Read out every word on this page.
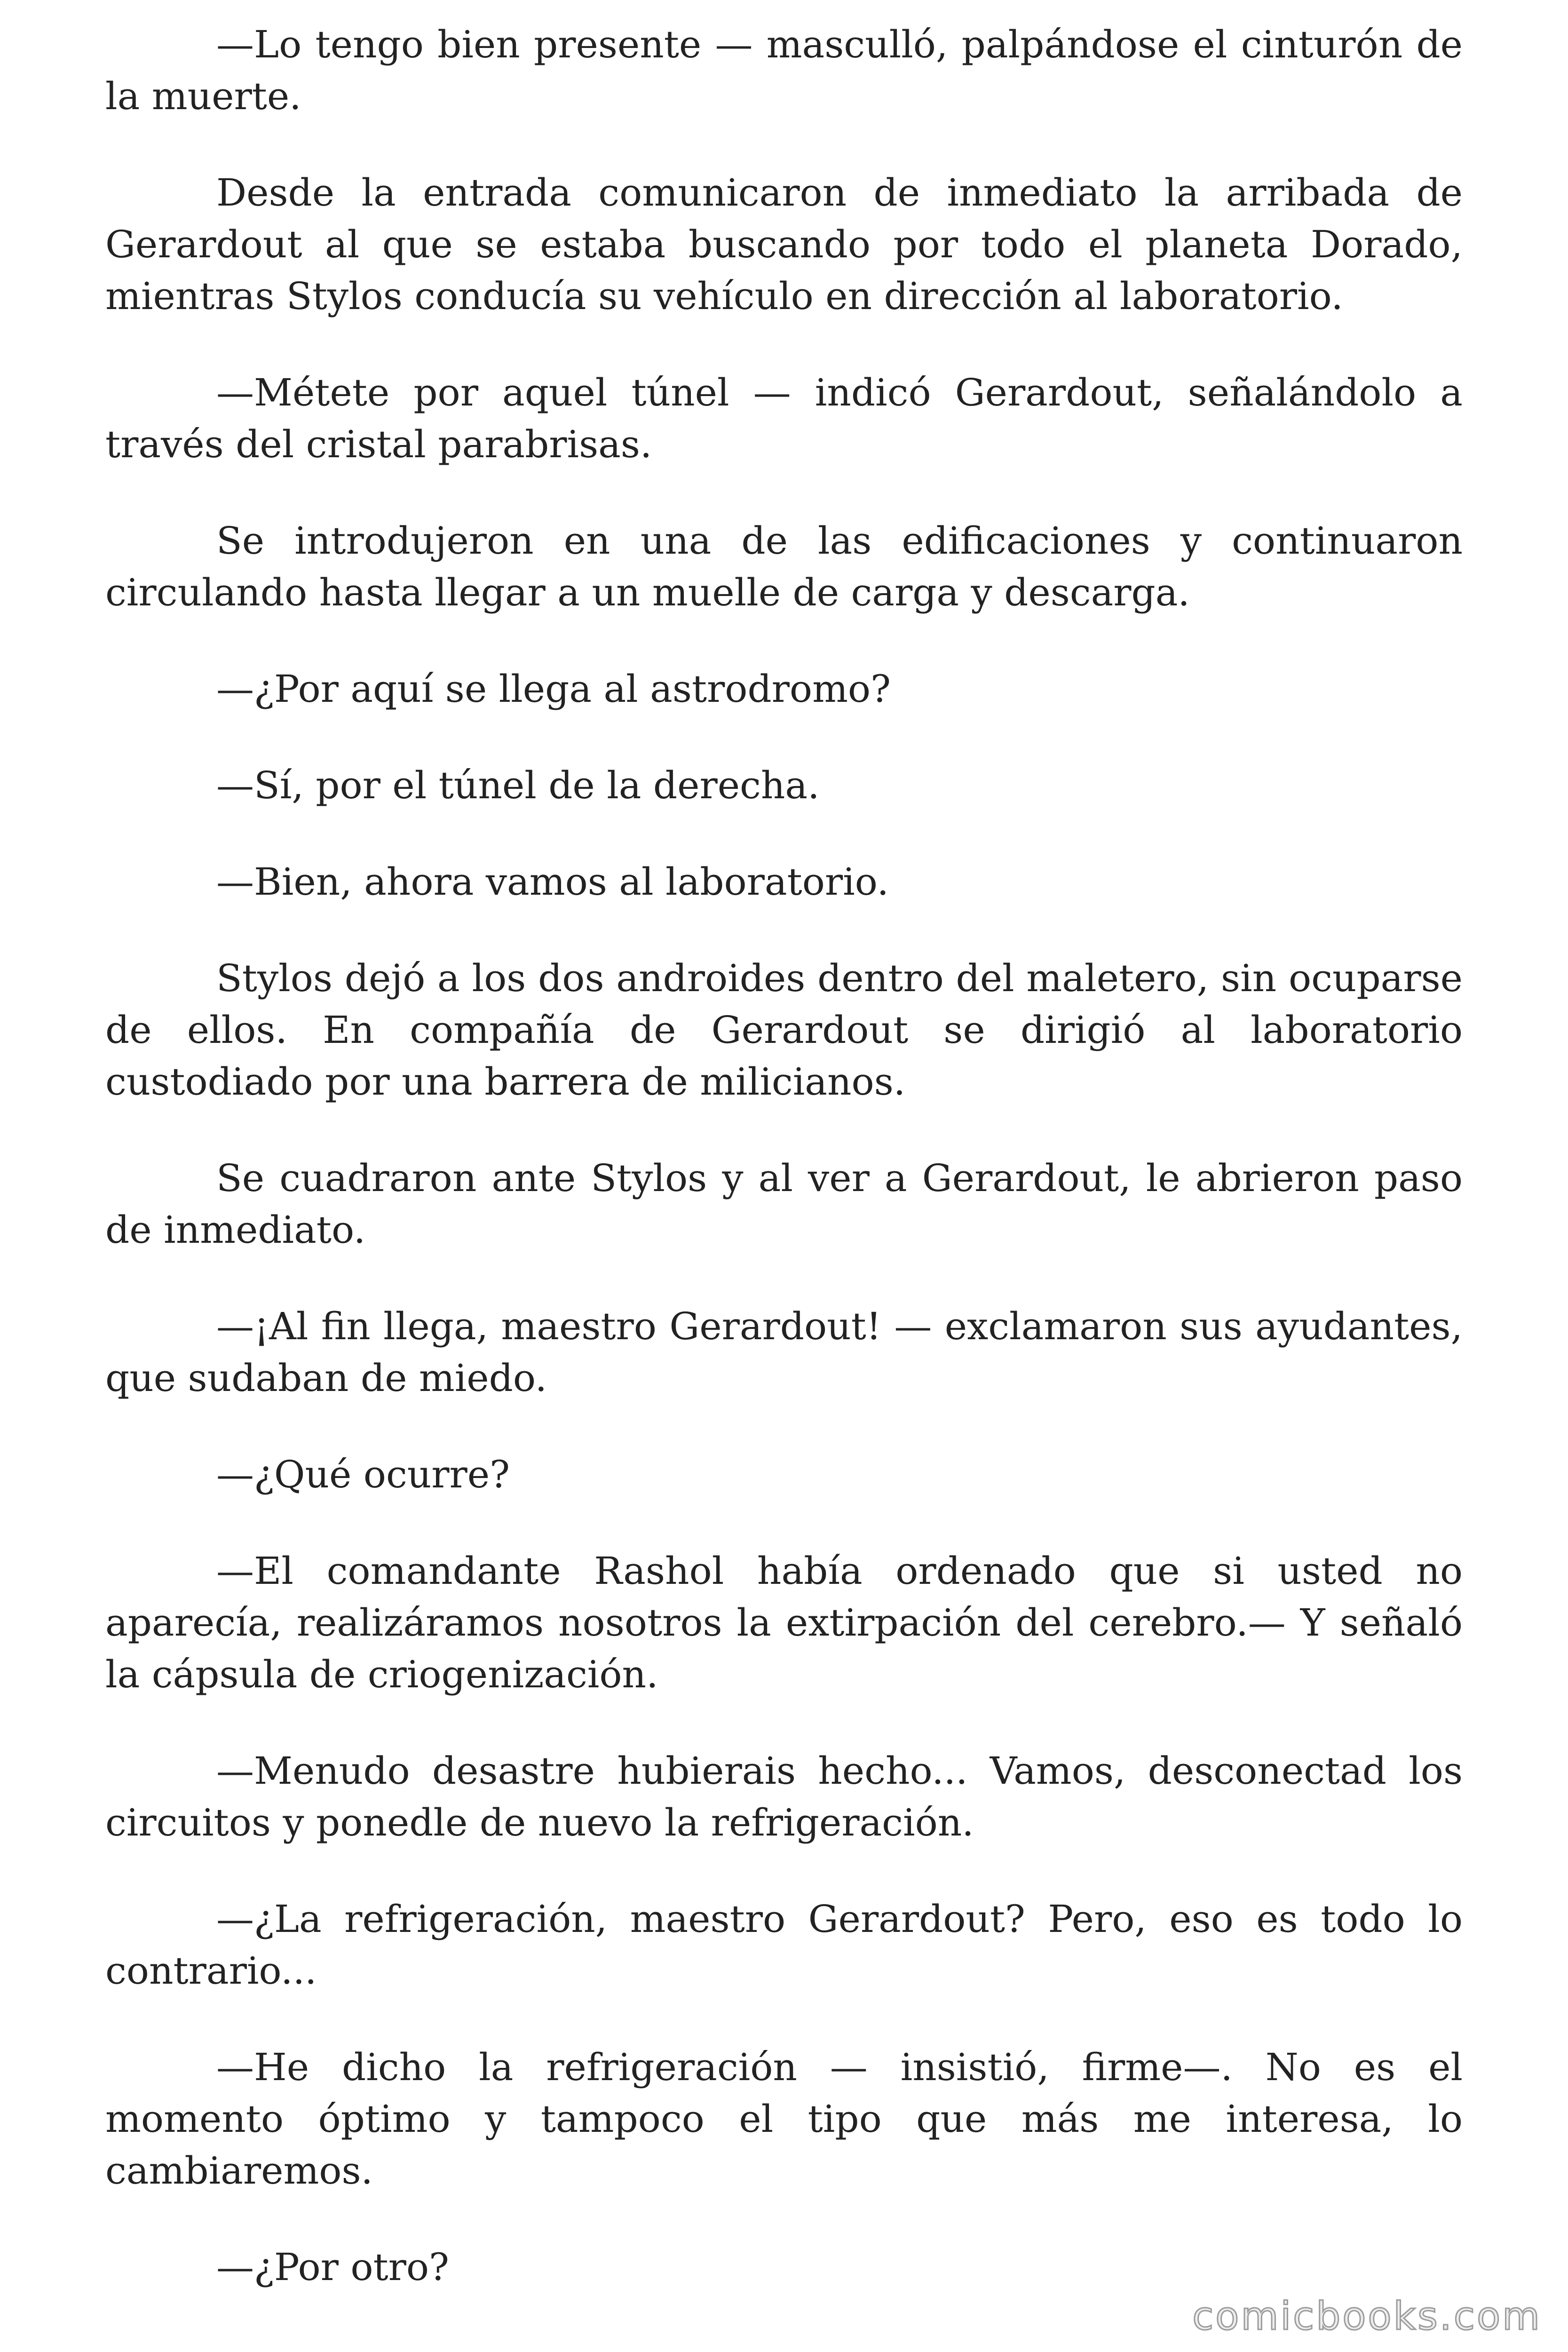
—Lo tengo bien presente — masculló, palpándose el cinturón de la muerte.

Desde la entrada comunicaron de inmediato la arribada de Gerardout al que se estaba buscando por todo el planeta Dorado, mientras Stylos conducía su vehículo en dirección al laboratorio.

—Métete por aquel túnel — indicó Gerardout, señalándolo a través del cristal parabrisas.

Se introdujeron en una de las edificaciones y continuaron circulando hasta llegar a un muelle de carga y descarga.

—¿Por aquí se llega al astrodromo?

—Sí, por el túnel de la derecha.

—Bien, ahora vamos al laboratorio.

Stylos dejó a los dos androides dentro del maletero, sin ocuparse de ellos. En compañía de Gerardout se dirigió al laboratorio custodiado por una barrera de milicianos.

Se cuadraron ante Stylos y al ver a Gerardout, le abrieron paso de inmediato.

—¡Al fin llega, maestro Gerardout! — exclamaron sus ayudantes, que sudaban de miedo.

—¿Qué ocurre?

—El comandante Rashol había ordenado que si usted no aparecía, realizáramos nosotros la extirpación del cerebro.— Y señaló la cápsula de criogenización.

—Menudo desastre hubierais hecho... Vamos, desconectad los circuitos y ponedle de nuevo la refrigeración.

—¿La refrigeración, maestro Gerardout? Pero, eso es todo lo contrario...

—He dicho la refrigeración — insistió, firme—. No es el momento óptimo y tampoco el tipo que más me interesa, lo cambiaremos.

—¿Por otro?

comicbooks.com
